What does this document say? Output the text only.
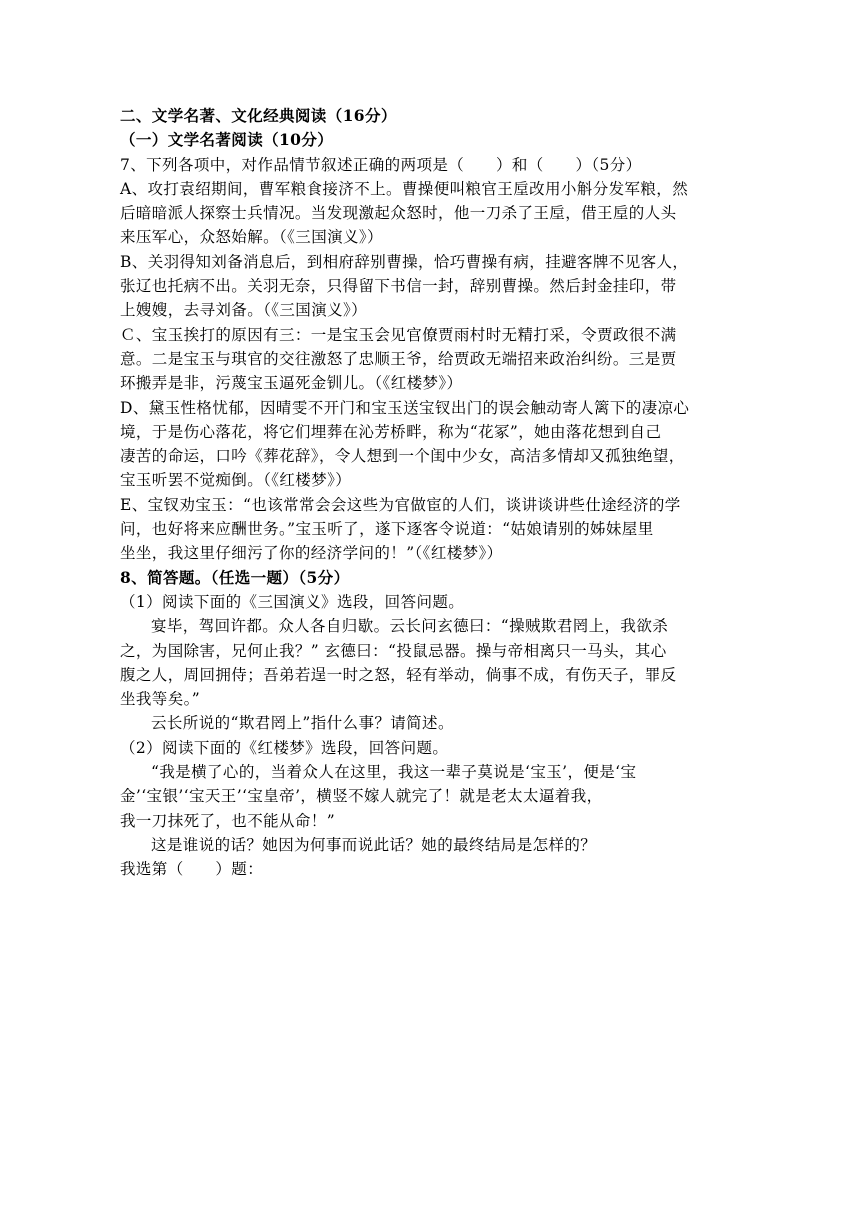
二、文学名著、文化经典阅读（16分）
（一）文学名著阅读（10分）
7、下列各项中，对作品情节叙述正确的两项是（　　）和（　　）（5分）
A、攻打袁绍期间，曹军粮食接济不上。曹操便叫粮官王垕改用小斛分发军粮，然
后暗暗派人探察士兵情况。当发现激起众怒时，他一刀杀了王垕，借王垕的人头
来压军心，众怒始解。（《三国演义》）
B、关羽得知刘备消息后，到相府辞别曹操，恰巧曹操有病，挂避客牌不见客人，
张辽也托病不出。关羽无奈，只得留下书信一封，辞别曹操。然后封金挂印，带
上嫂嫂，去寻刘备。（《三国演义》）
Ｃ、宝玉挨打的原因有三：一是宝玉会见官僚贾雨村时无精打采，令贾政很不满
意。二是宝玉与琪官的交往激怒了忠顺王爷，给贾政无端招来政治纠纷。三是贾
环搬弄是非，污蔑宝玉逼死金钏儿。（《红楼梦》）
D、黛玉性格忧郁，因晴雯不开门和宝玉送宝钗出门的误会触动寄人篱下的凄凉心
境，于是伤心落花，将它们埋葬在沁芳桥畔，称为“花冢”，她由落花想到自己
凄苦的命运，口吟《葬花辞》，令人想到一个闺中少女，高洁多情却又孤独绝望，
宝玉听罢不觉痴倒。（《红楼梦》）
E、宝钗劝宝玉：“也该常常会会这些为官做宦的人们，谈讲谈讲些仕途经济的学
问，也好将来应酬世务。”宝玉听了，遂下逐客令说道：“姑娘请别的姊妹屋里
坐坐，我这里仔细污了你的经济学问的！”（《红楼梦》）
8、简答题。（任选一题）（5分）
（1）阅读下面的《三国演义》选段，回答问题。
宴毕，驾回许都。众人各自归歇。云长问玄德曰：“操贼欺君罔上，我欲杀
之，为国除害，兄何止我？” 玄德曰：“投鼠忌器。操与帝相离只一马头，其心
腹之人，周回拥侍；吾弟若逞一时之怒，轻有举动，倘事不成，有伤天子，罪反
坐我等矣。”
云长所说的“欺君罔上”指什么事？请简述。
（2）阅读下面的《红楼梦》选段，回答问题。
“我是横了心的，当着众人在这里，我这一辈子莫说是‘宝玉’，便是‘宝
金’‘宝银’‘宝天王’‘宝皇帝’，横竖不嫁人就完了！就是老太太逼着我，
我一刀抹死了，也不能从命！”
这是谁说的话？她因为何事而说此话？她的最终结局是怎样的？
我选第（　　）题：
